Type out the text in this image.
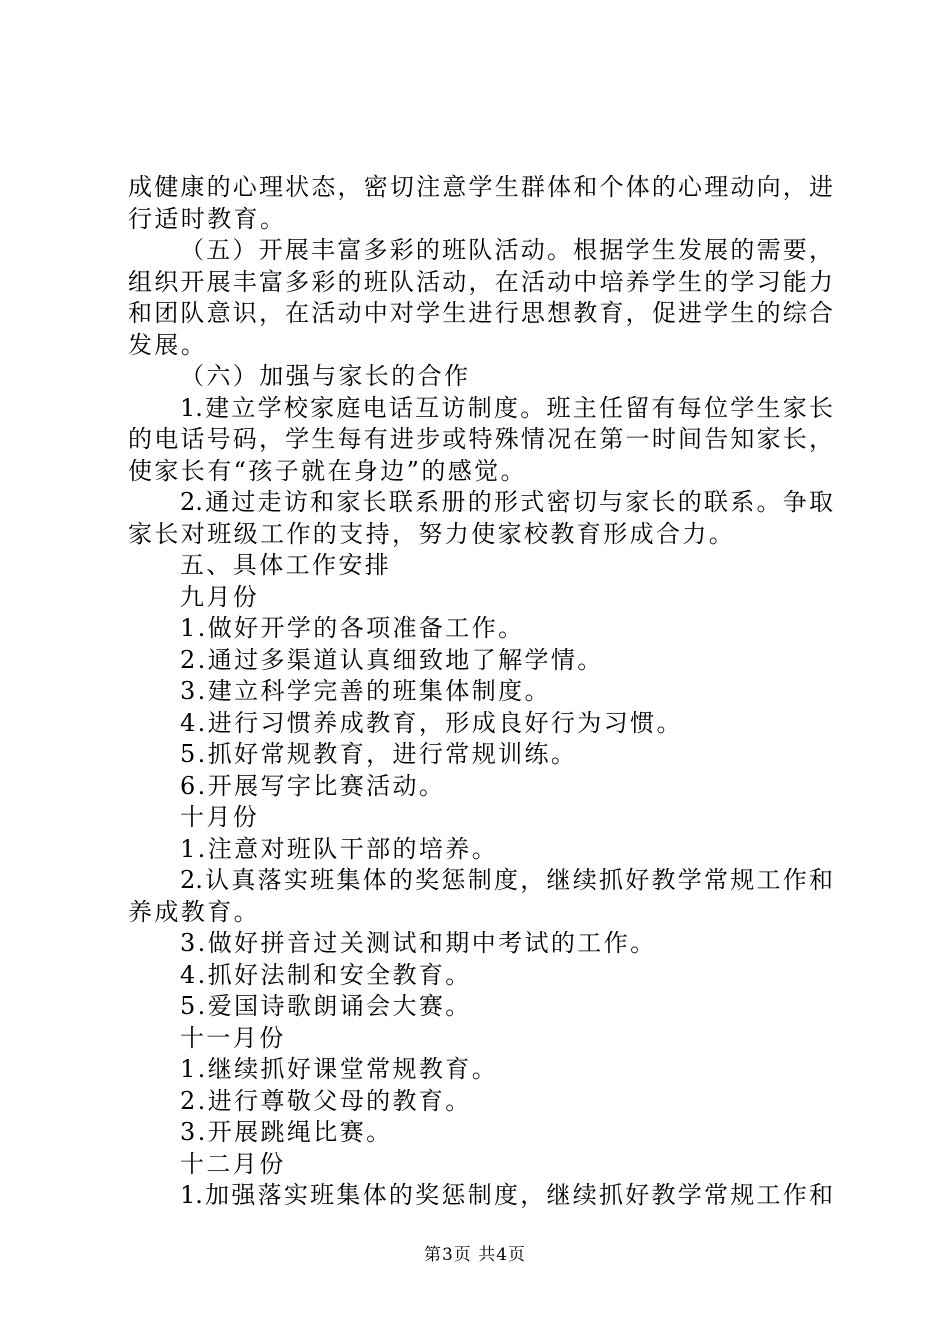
成健康的心理状态，密切注意学生群体和个体的心理动向，进
行适时教育。
（五）开展丰富多彩的班队活动。根据学生发展的需要，
组织开展丰富多彩的班队活动，在活动中培养学生的学习能力
和团队意识，在活动中对学生进行思想教育，促进学生的综合
发展。
（六）加强与家长的合作
1.建立学校家庭电话互访制度。班主任留有每位学生家长
的电话号码，学生每有进步或特殊情况在第一时间告知家长，
使家长有“孩子就在身边”的感觉。
2.通过走访和家长联系册的形式密切与家长的联系。争取
家长对班级工作的支持，努力使家校教育形成合力。
五、具体工作安排
九月份
1.做好开学的各项准备工作。
2.通过多渠道认真细致地了解学情。
3.建立科学完善的班集体制度。
4.进行习惯养成教育，形成良好行为习惯。
5.抓好常规教育，进行常规训练。
6.开展写字比赛活动。
十月份
1.注意对班队干部的培养。
2.认真落实班集体的奖惩制度，继续抓好教学常规工作和
养成教育。
3.做好拼音过关测试和期中考试的工作。
4.抓好法制和安全教育。
5.爱国诗歌朗诵会大赛。
十一月份
1.继续抓好课堂常规教育。
2.进行尊敬父母的教育。
3.开展跳绳比赛。
十二月份
1.加强落实班集体的奖惩制度，继续抓好教学常规工作和
第3页 共4页
